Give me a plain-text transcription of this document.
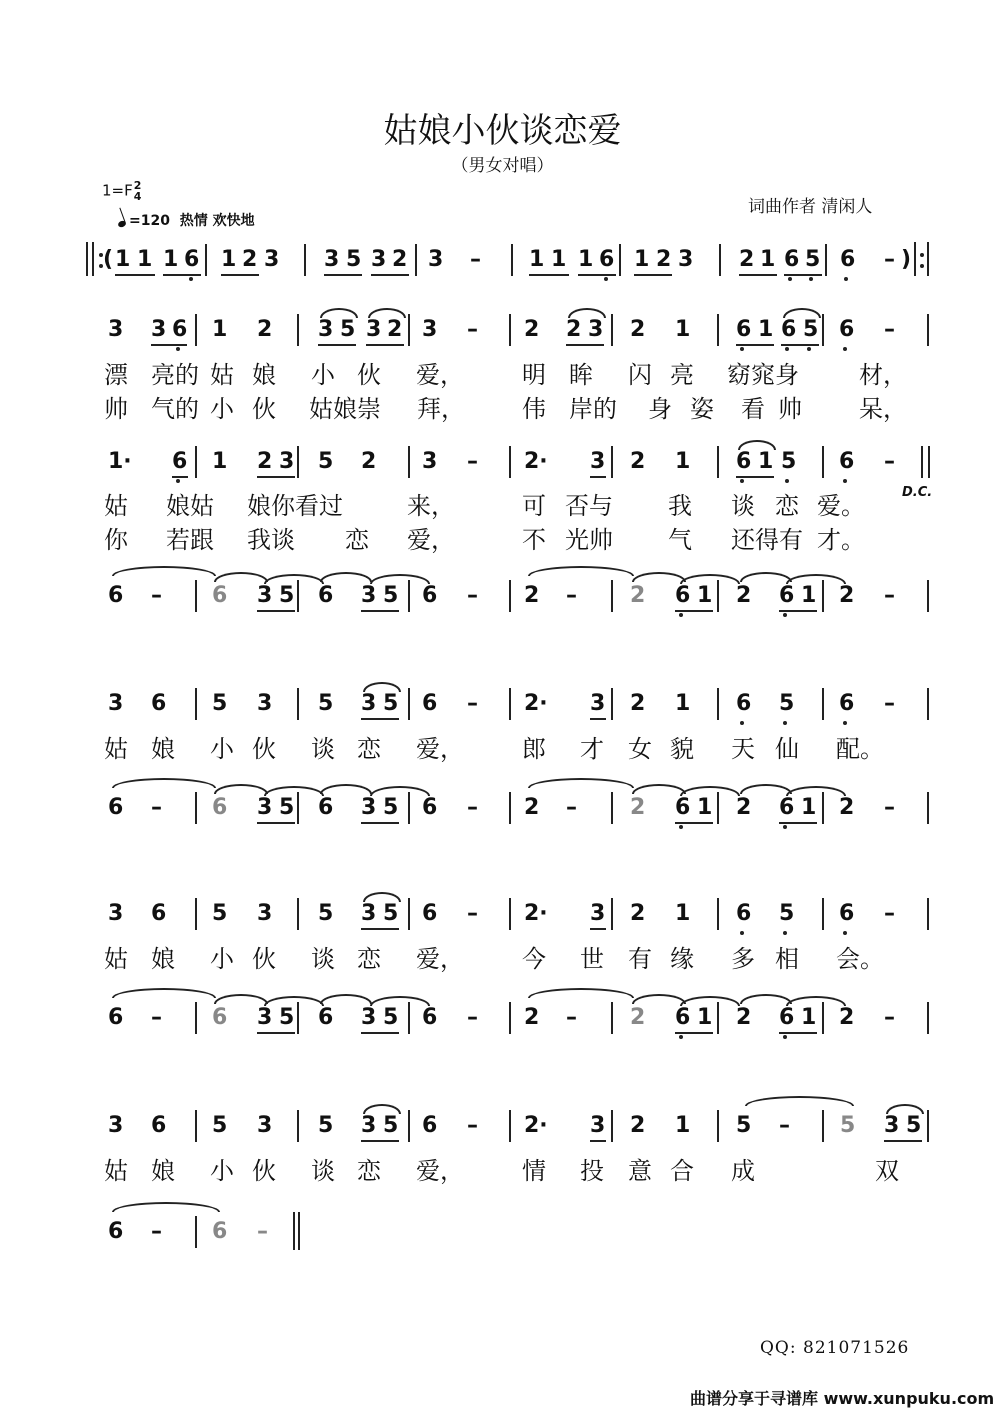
姑娘小伙谈恋爱
（男女对唱）
1=F2
4
=120 热情 欢快地
词曲作者 清闲人
( 1 1 1 6 1 2 3 3 5 3 2 3 – 1 1 1 6 1 2 3 2 1 6 5 6 – )
3 3 6 1 2 3 5 3 2 3 – 2 2 3 2 1 6 1 6 5 6 –
漂 亮的 姑 娘 小 伙 爱， 明 眸 闪 亮 窈窕身	材，
帅 气的 小 伙 姑娘崇 拜， 伟 岸的 身 姿 看 帅 呆，
1· 6 1 2 3 5 2 3 – 2· 3 2 1 6 1 5 6 –
姑 娘姑 娘你看过	来，	可 否与 我 谈 恋 爱。
你 若跟 我谈 恋 爱，	不 光帅 气 还得有 才。
6 – 6 3 5 6 3 5 6 – 2 – 2 6 1 2 6 1 2 –
3 6 5 3 5 3 5 6 – 2· 3 2 1 6 5 6 –
姑 娘 小 伙 谈 恋 爱， 郎 才 女 貌 天 仙 配。
6 – 6 3 5 6 3 5 6 – 2 – 2 6 1 2 6 1 2 –
3 6 5 3 5 3 5 6 – 2· 3 2 1 6 5 6 –
姑 娘 小 伙 谈 恋 爱， 今 世 有 缘 多 相 会。
6 – 6 3 5 6 3 5 6 – 2 – 2 6 1 2 6 1 2 –
3 6 5 3 5 3 5 6 – 2· 3 2 1 5 – 5 3 5
姑 娘 小 伙 谈 恋 爱， 情 投 意 合 成	双
6 – 6 –
D.C.
QQ: 821071526
曲谱分享于寻谱库 www.xunpuku.com
